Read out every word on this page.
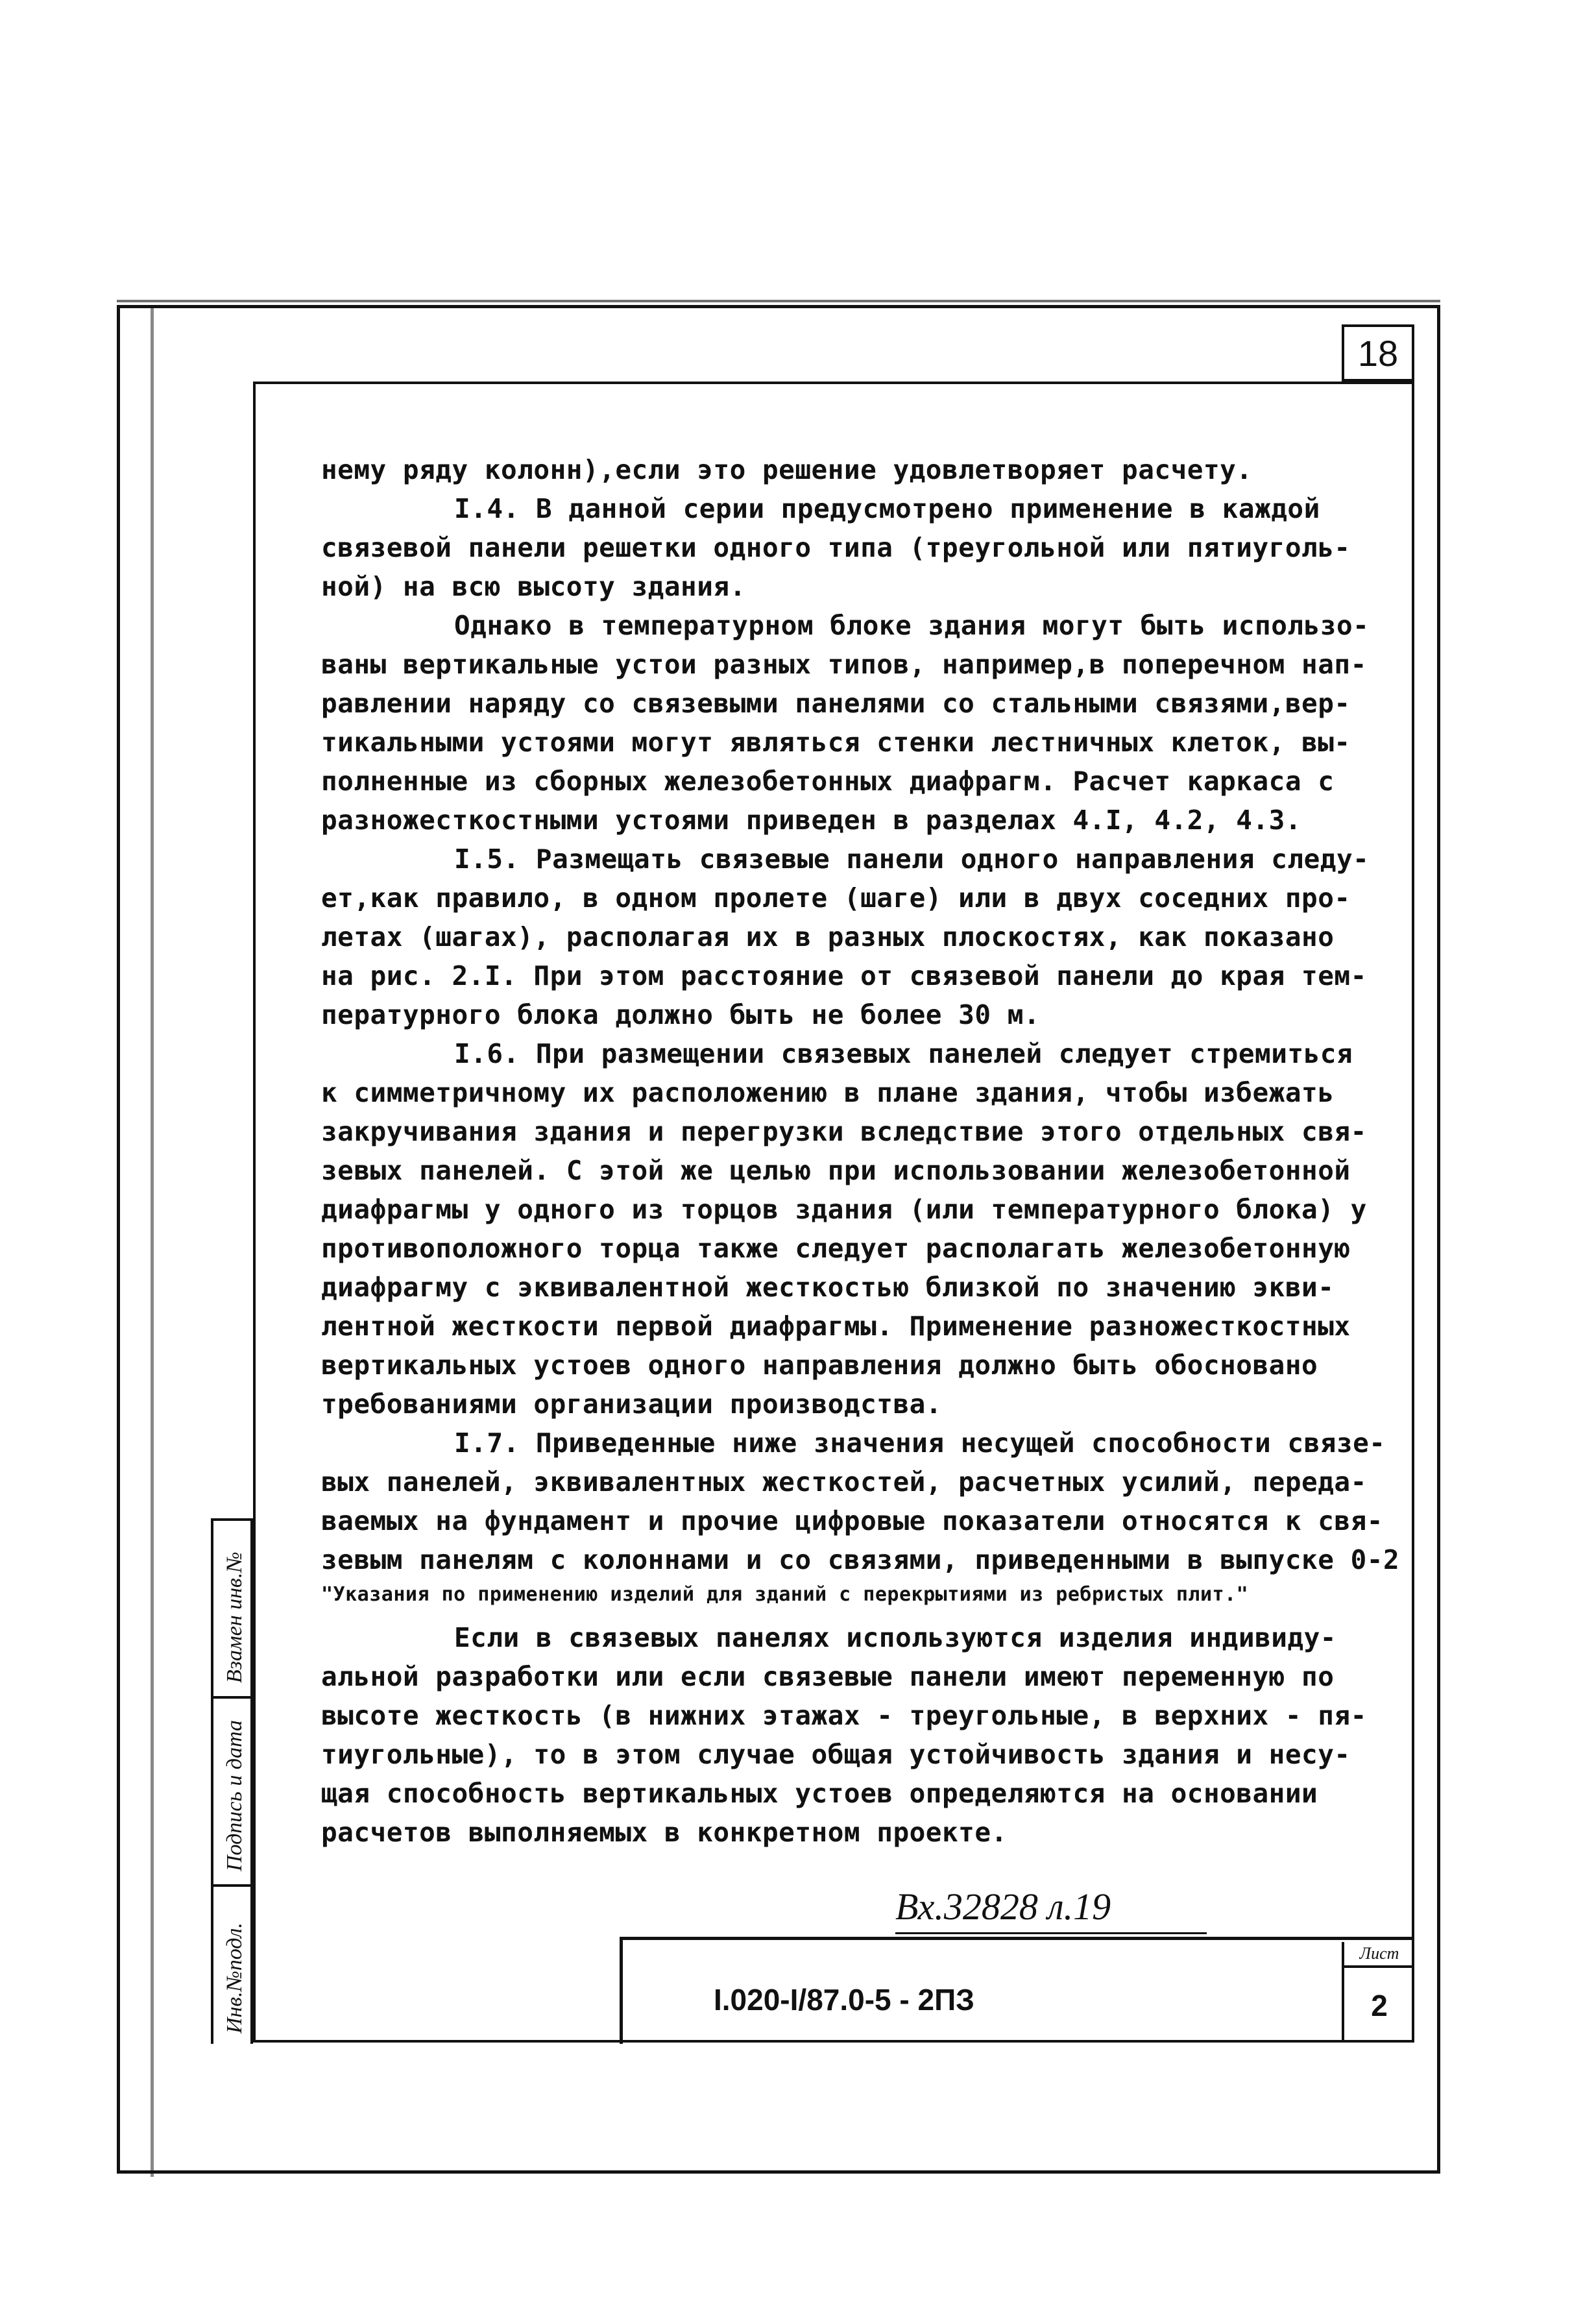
18
нему ряду колонн),если это решение удовлетворяет расчету.
I.4. В данной серии предусмотрено применение в каждой
связевой панели решетки одного типа (треугольной или пятиуголь-
ной) на всю высоту здания.
Однако в температурном блоке здания могут быть использо-
ваны вертикальные устои разных типов, например,в поперечном нап-
равлении наряду со связевыми панелями со стальными связями,вер-
тикальными устоями могут являться стенки лестничных клеток, вы-
полненные из сборных железобетонных диафрагм. Расчет каркаса с
разножесткостными устоями приведен в разделах 4.I, 4.2, 4.3.
I.5. Размещать связевые панели одного направления следу-
ет,как правило, в одном пролете (шаге) или в двух соседних про-
летах (шагах), располагая их в разных плоскостях, как показано
на рис. 2.I. При этом расстояние от связевой панели до края тем-
пературного блока должно быть не более 30 м.
I.6. При размещении связевых панелей следует стремиться
к симметричному их расположению в плане здания, чтобы избежать
закручивания здания и перегрузки вследствие этого отдельных свя-
зевых панелей. С этой же целью при использовании железобетонной
диафрагмы у одного из торцов здания (или температурного блока) у
противоположного торца также следует располагать железобетонную
диафрагму с эквивалентной жесткостью близкой по значению экви-
лентной жесткости первой диафрагмы. Применение разножесткостных
вертикальных устоев одного направления должно быть обосновано
требованиями организации производства.
I.7. Приведенные ниже значения несущей способности связе-
вых панелей, эквивалентных жесткостей, расчетных усилий, переда-
ваемых на фундамент и прочие цифровые показатели относятся к свя-
зевым панелям с колоннами и со связями, приведенными в выпуске 0-2
"Указания по применению изделий для зданий с перекрытиями из ребристых плит."
Если в связевых панелях используются изделия индивиду-
альной разработки или если связевые панели имеют переменную по
высоте жесткость (в нижних этажах - треугольные, в верхних - пя-
тиугольные), то в этом случае общая устойчивость здания и несу-
щая способность вертикальных устоев определяются на основании
расчетов выполняемых в конкретном проекте.
Вх.32828 л.19
I.020-I/87.0-5 - 2ПЗ
Лист
2
Взамен инв.№
Подпись и дата
Инв.№подл.
